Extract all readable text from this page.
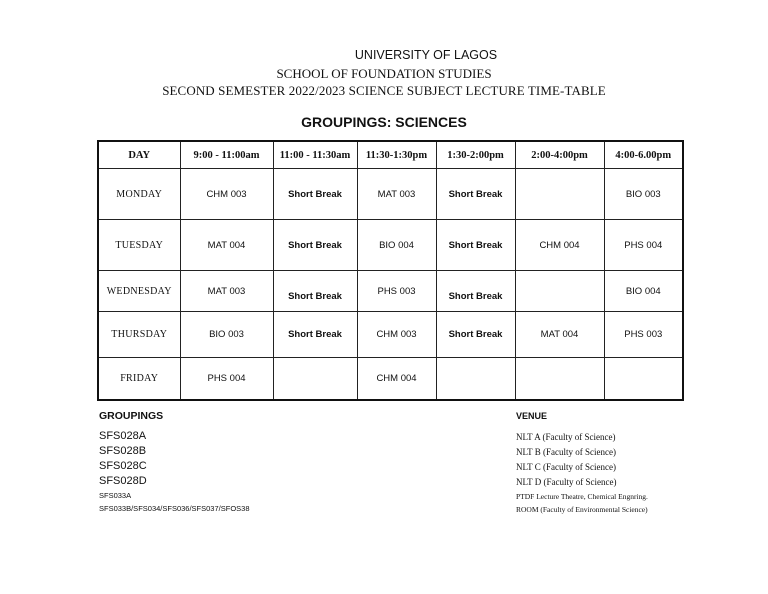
UNIVERSITY OF LAGOS
SCHOOL OF FOUNDATION STUDIES
SECOND SEMESTER 2022/2023 SCIENCE SUBJECT LECTURE TIME-TABLE
GROUPINGS: SCIENCES
DAY	9:00 - 11:00am	11:00 - 11:30am	11:30-1:30pm	1:30-2:00pm	2:00-4:00pm	4:00-6.00pm
MONDAY	CHM 003	Short Break	MAT 003	Short Break		BIO 003
TUESDAY	MAT 004	Short Break	BIO 004	Short Break	CHM 004	PHS 004
WEDNESDAY	MAT 003	Short Break	PHS 003	Short Break		BIO 004
THURSDAY	BIO 003	Short Break	CHM 003	Short Break	MAT 004	PHS 003
FRIDAY	PHS 004		CHM 004			
GROUPINGS
SFS028A
SFS028B
SFS028C
SFS028D
SFS033A
SFS033B/SFS034/SFS036/SFS037/SFOS38
VENUE
NLT A (Faculty of Science)
NLT B (Faculty of Science)
NLT C (Faculty of Science)
NLT D (Faculty of Science)
PTDF Lecture Theatre, Chemical Engnring.
ROOM (Faculty of Environmental Science)
